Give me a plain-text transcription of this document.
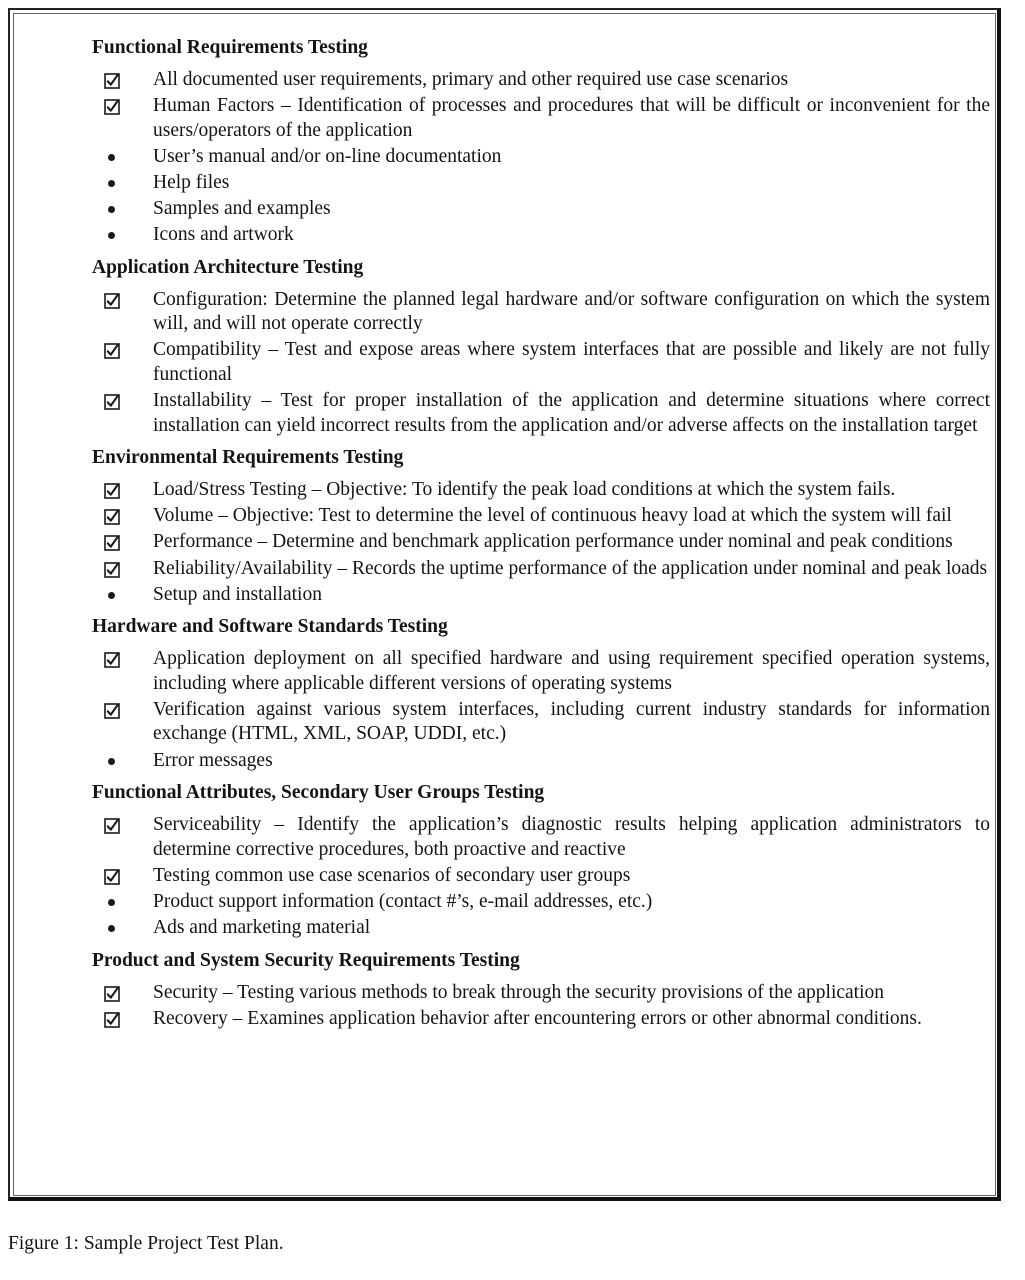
Functional Requirements Testing
All documented user requirements, primary and other required use case scenarios
Human Factors – Identification of processes and procedures that will be difficult or inconvenient for the users/operators of the application
User’s manual and/or on-line documentation
Help files
Samples and examples
Icons and artwork
Application Architecture Testing
Configuration: Determine the planned legal hardware and/or software configuration on which the system will, and will not operate correctly
Compatibility – Test and expose areas where system interfaces that are possible and likely are not fully functional
Installability – Test for proper installation of the application and determine situations where correct installation can yield incorrect results from the application and/or adverse affects on the installation target
Environmental Requirements Testing
Load/Stress Testing – Objective: To identify the peak load conditions at which the system fails.
Volume – Objective: Test to determine the level of continuous heavy load at which the system will fail
Performance – Determine and benchmark application performance under nominal and peak conditions
Reliability/Availability – Records the uptime performance of the application under nominal and peak loads
Setup and installation
Hardware and Software Standards Testing
Application deployment on all specified hardware and using requirement specified operation systems, including where applicable different versions of operating systems
Verification against various system interfaces, including current industry standards for information exchange (HTML, XML, SOAP, UDDI, etc.)
Error messages
Functional Attributes, Secondary User Groups Testing
Serviceability – Identify the application’s diagnostic results helping application administrators to determine corrective procedures, both proactive and reactive
Testing common use case scenarios of secondary user groups
Product support information (contact #’s, e-mail addresses, etc.)
Ads and marketing material
Product and System Security Requirements Testing
Security – Testing various methods to break through the security provisions of the application
Recovery – Examines application behavior after encountering errors or other abnormal conditions.
Figure 1: Sample Project Test Plan.
